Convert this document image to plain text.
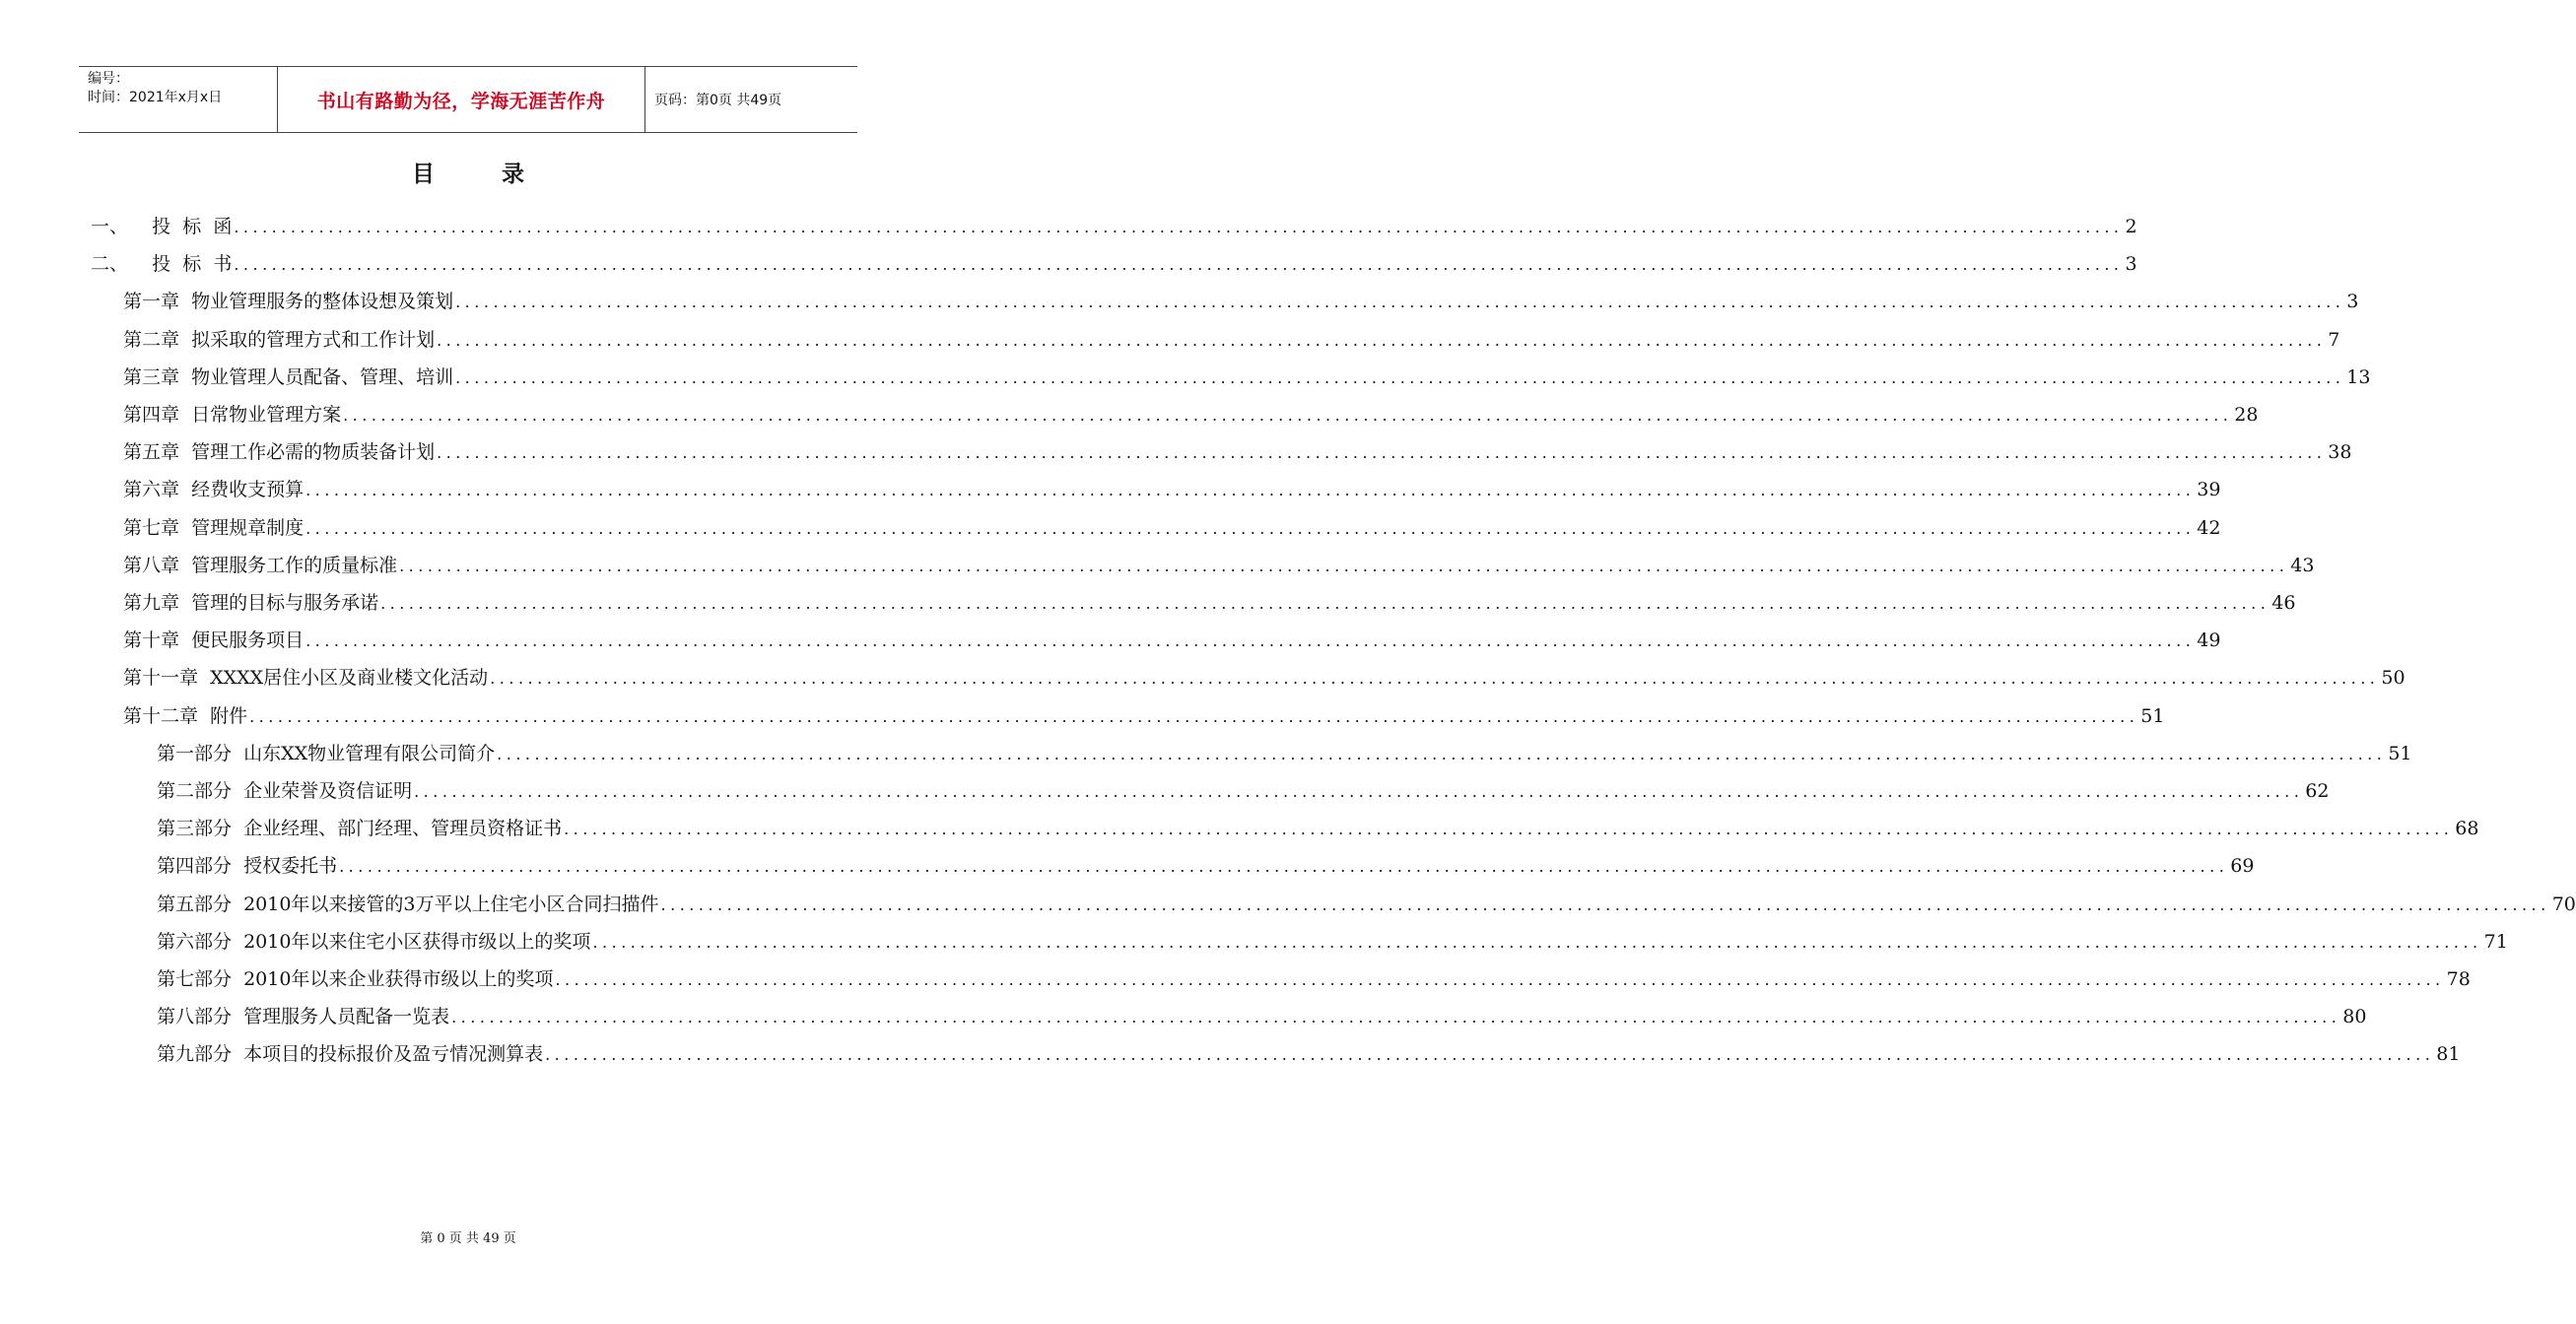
编号：
时间：2021年x月x日	书山有路勤为径，学海无涯苦作舟	页码：第0页 共49页
目	录
一、    投  标  函 ........................................................................................................................................................................................................ 2
二、    投  标  书 ........................................................................................................................................................................................................ 3
第一章  物业管理服务的整体设想及策划 ........................................................................................................................................................................................................ 3
第二章  拟采取的管理方式和工作计划 ........................................................................................................................................................................................................ 7
第三章  物业管理人员配备、管理、培训 ........................................................................................................................................................................................................ 13
第四章  日常物业管理方案 ........................................................................................................................................................................................................ 28
第五章  管理工作必需的物质装备计划 ........................................................................................................................................................................................................ 38
第六章  经费收支预算 ........................................................................................................................................................................................................ 39
第七章  管理规章制度 ........................................................................................................................................................................................................ 42
第八章  管理服务工作的质量标准 ........................................................................................................................................................................................................ 43
第九章  管理的目标与服务承诺 ........................................................................................................................................................................................................ 46
第十章  便民服务项目 ........................................................................................................................................................................................................ 49
第十一章  XXXX居住小区及商业楼文化活动 ........................................................................................................................................................................................................ 50
第十二章  附件 ........................................................................................................................................................................................................ 51
第一部分  山东XX物业管理有限公司简介 ........................................................................................................................................................................................................ 51
第二部分  企业荣誉及资信证明 ........................................................................................................................................................................................................ 62
第三部分  企业经理、部门经理、管理员资格证书 ........................................................................................................................................................................................................ 68
第四部分  授权委托书 ........................................................................................................................................................................................................ 69
第五部分  2010年以来接管的3万平以上住宅小区合同扫描件 ........................................................................................................................................................................................................ 70
第六部分  2010年以来住宅小区获得市级以上的奖项 ........................................................................................................................................................................................................ 71
第七部分  2010年以来企业获得市级以上的奖项 ........................................................................................................................................................................................................ 78
第八部分  管理服务人员配备一览表 ........................................................................................................................................................................................................ 80
第九部分  本项目的投标报价及盈亏情况测算表 ........................................................................................................................................................................................................ 81
第 0 页 共 49 页
